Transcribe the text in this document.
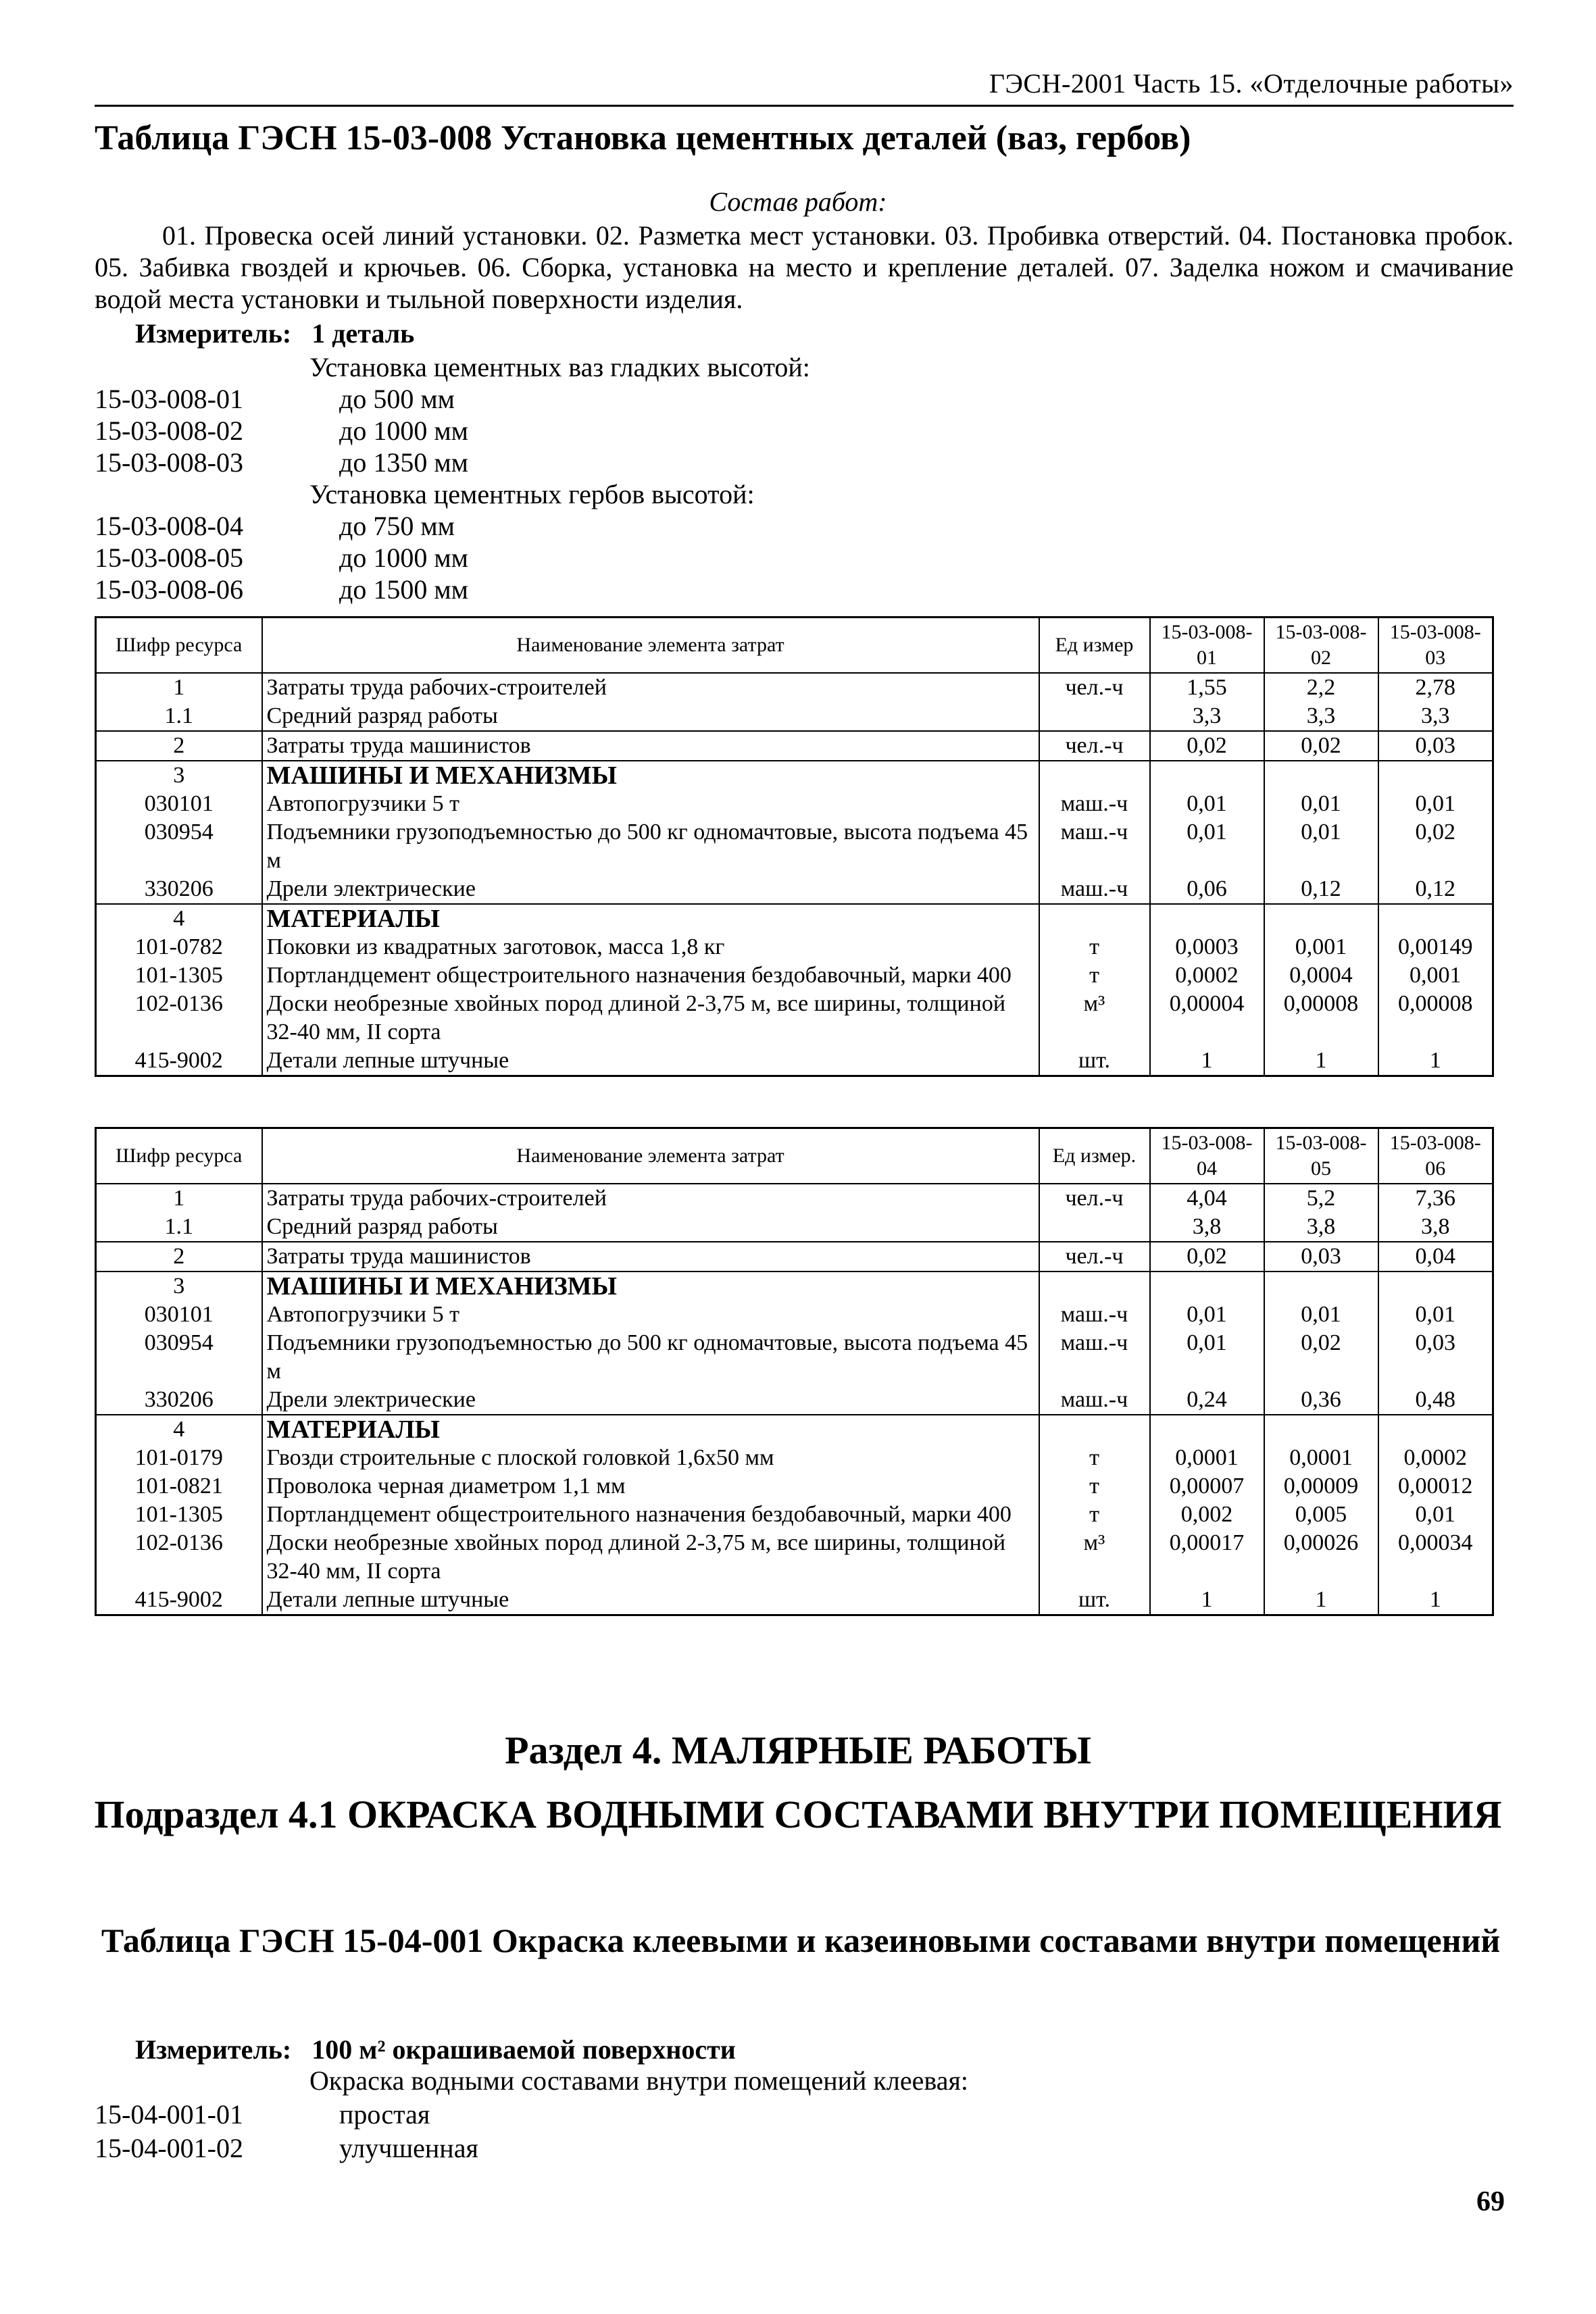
ГЭСН-2001 Часть 15. «Отделочные работы»
Таблица ГЭСН 15-03-008 Установка цементных деталей (ваз, гербов)
Состав работ:
01. Провеска осей линий установки. 02. Разметка мест установки. 03. Пробивка отверстий. 04. Постановка пробок. 05. Забивка гвоздей и крючьев. 06. Сборка, установка на место и крепление деталей. 07. Заделка ножом и смачивание водой места установки и тыльной поверхности изделия.
Измеритель: 1 деталь
Установка цементных ваз гладких высотой:
15-03-008-01	до 500 мм
15-03-008-02	до 1000 мм
15-03-008-03	до 1350 мм
Установка цементных гербов высотой:
15-03-008-04	до 750 мм
15-03-008-05	до 1000 мм
15-03-008-06	до 1500 мм
Шифр ресурса	Наименование элемента затрат	Ед измер	15-03-008-01	15-03-008-02	15-03-008-03
1	Затраты труда рабочих-строителей	чел.-ч	1,55	2,2	2,78
1.1	Средний разряд работы		3,3	3,3	3,3
2	Затраты труда машинистов	чел.-ч	0,02	0,02	0,03
3	МАШИНЫ И МЕХАНИЗМЫ				
030101	Автопогрузчики 5 т	маш.-ч	0,01	0,01	0,01
030954	Подъемники грузоподъемностью до 500 кг одномачтовые, высота подъема 45 м	маш.-ч	0,01	0,01	0,02
330206	Дрели электрические	маш.-ч	0,06	0,12	0,12
4	МАТЕРИАЛЫ				
101-0782	Поковки из квадратных заготовок, масса 1,8 кг	т	0,0003	0,001	0,00149
101-1305	Портландцемент общестроительного назначения бездобавочный, марки 400	т	0,0002	0,0004	0,001
102-0136	Доски необрезные хвойных пород длиной 2-3,75 м, все ширины, толщиной 32-40 мм, II сорта	м³	0,00004	0,00008	0,00008
415-9002	Детали лепные штучные	шт.	1	1	1
Шифр ресурса	Наименование элемента затрат	Ед измер.	15-03-008-04	15-03-008-05	15-03-008-06
1	Затраты труда рабочих-строителей	чел.-ч	4,04	5,2	7,36
1.1	Средний разряд работы		3,8	3,8	3,8
2	Затраты труда машинистов	чел.-ч	0,02	0,03	0,04
3	МАШИНЫ И МЕХАНИЗМЫ				
030101	Автопогрузчики 5 т	маш.-ч	0,01	0,01	0,01
030954	Подъемники грузоподъемностью до 500 кг одномачтовые, высота подъема 45 м	маш.-ч	0,01	0,02	0,03
330206	Дрели электрические	маш.-ч	0,24	0,36	0,48
4	МАТЕРИАЛЫ				
101-0179	Гвозди строительные с плоской головкой 1,6х50 мм	т	0,0001	0,0001	0,0002
101-0821	Проволока черная диаметром 1,1 мм	т	0,00007	0,00009	0,00012
101-1305	Портландцемент общестроительного назначения бездобавочный, марки 400	т	0,002	0,005	0,01
102-0136	Доски необрезные хвойных пород длиной 2-3,75 м, все ширины, толщиной 32-40 мм, II сорта	м³	0,00017	0,00026	0,00034
415-9002	Детали лепные штучные	шт.	1	1	1
Раздел 4. МАЛЯРНЫЕ РАБОТЫ
Подраздел 4.1 ОКРАСКА ВОДНЫМИ СОСТАВАМИ ВНУТРИ ПОМЕЩЕНИЯ
Таблица ГЭСН 15-04-001 Окраска клеевыми и казеиновыми составами внутри помещений
Измеритель: 100 м² окрашиваемой поверхности
Окраска водными составами внутри помещений клеевая:
15-04-001-01	простая
15-04-001-02	улучшенная
69
